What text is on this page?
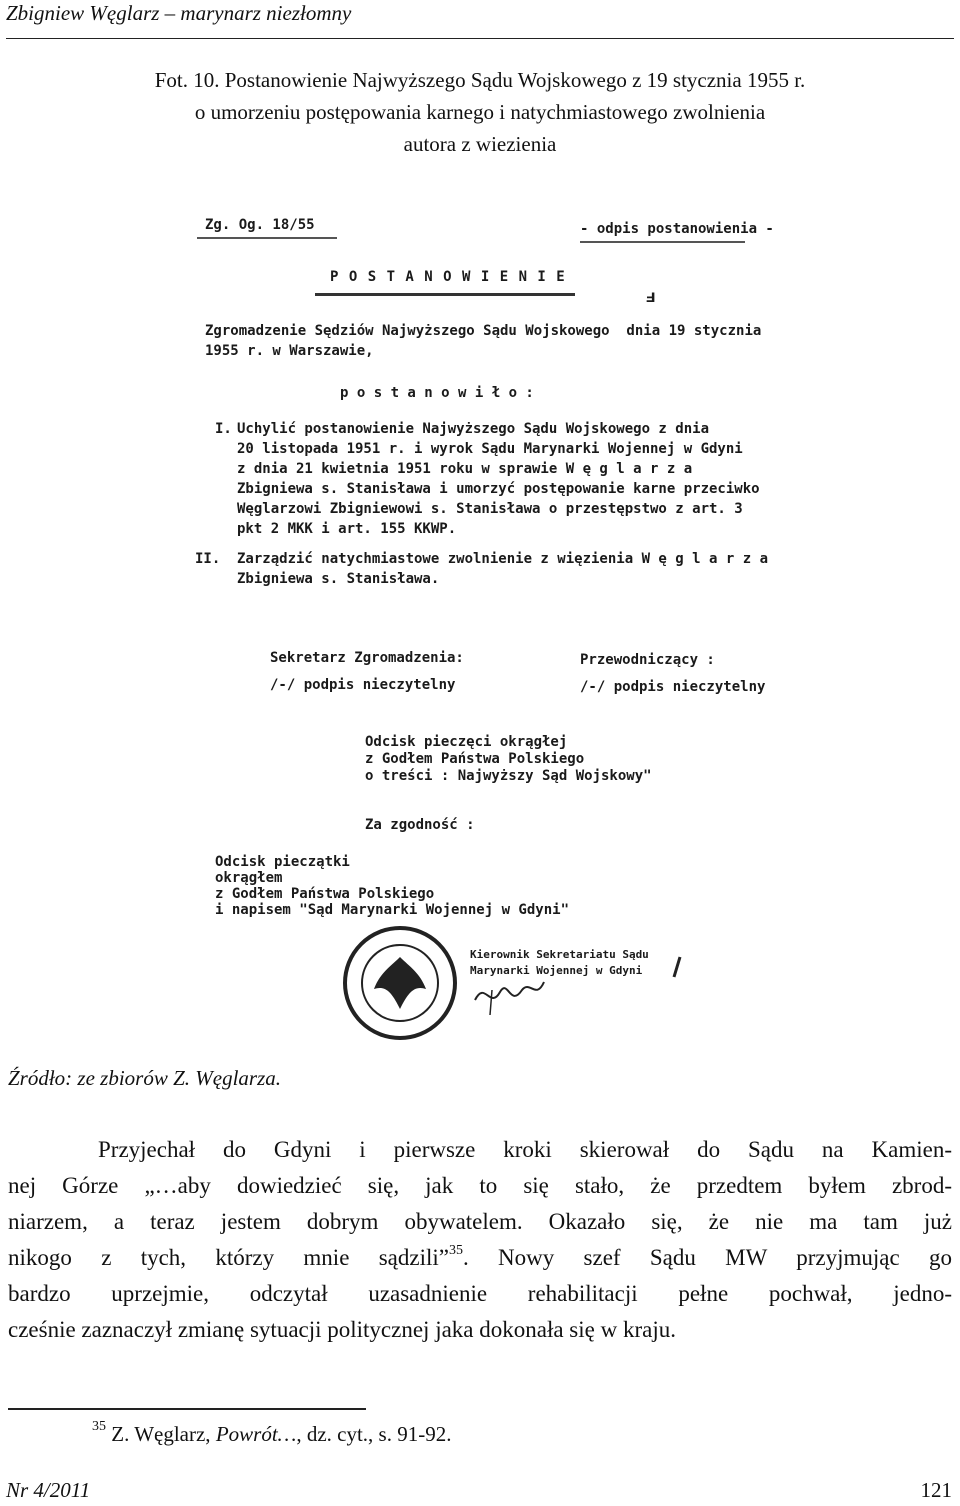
Zbigniew Węglarz – marynarz niezłomny
Fot. 10. Postanowienie Najwyższego Sądu Wojskowego z 19 stycznia 1955 r.
o umorzeniu postępowania karnego i natychmiastowego zwolnienia
autora z wiezienia
Zg. Og. 18/55	- odpis postanowienia -
P O S T A N O W I E N I E
ⅎ
Zgromadzenie Sędziów Najwyższego Sądu Wojskowego  dnia 19 stycznia
1955 r. w Warszawie,
p o s t a n o w i ł o :
I. Uchylić postanowienie Najwyższego Sądu Wojskowego z dnia
20 listopada 1951 r. i wyrok Sądu Marynarki Wojennej w Gdyni
z dnia 21 kwietnia 1951 roku w sprawie W ę g l a r z a
Zbigniewa s. Stanisława i umorzyć postępowanie karne przeciwko
Węglarzowi Zbigniewowi s. Stanisława o przestępstwo z art. 3
pkt 2 MKK i art. 155 KKWP.
II. Zarządzić natychmiastowe zwolnienie z więzienia W ę g l a r z a
Zbigniewa s. Stanisława.
Sekretarz Zgromadzenia:
/-/ podpis nieczytelny
Przewodniczący :
/-/ podpis nieczytelny
Odcisk pieczęci okrągłej
z Godłem Państwa Polskiego
o treści : Najwyższy Sąd Wojskowy"
Za zgodność :
Odcisk pieczątki
okrągłem
z Godłem Państwa Polskiego
i napisem "Sąd Marynarki Wojennej w Gdyni"
Kierownik Sekretariatu Sądu
Marynarki Wojennej w Gdyni
Źródło: ze zbiorów Z. Węglarza.
Przyjechał do Gdyni i pierwsze kroki skierował do Sądu na Kamien-
nej Górze „…aby dowiedzieć się, jak to się stało, że przedtem byłem zbrod-
niarzem, a teraz jestem dobrym obywatelem. Okazało się, że nie ma tam już
nikogo z tych, którzy mnie sądzili”$^{35}$. Nowy szef Sądu MW przyjmując go
bardzo uprzejmie, odczytał uzasadnienie rehabilitacji pełne pochwał, jedno-
cześnie zaznaczył zmianę sytuacji politycznej jaka dokonała się w kraju.
$^{35}$ Z. Węglarz, Powrót…, dz. cyt., s. 91-92.
Nr 4/2011	121
